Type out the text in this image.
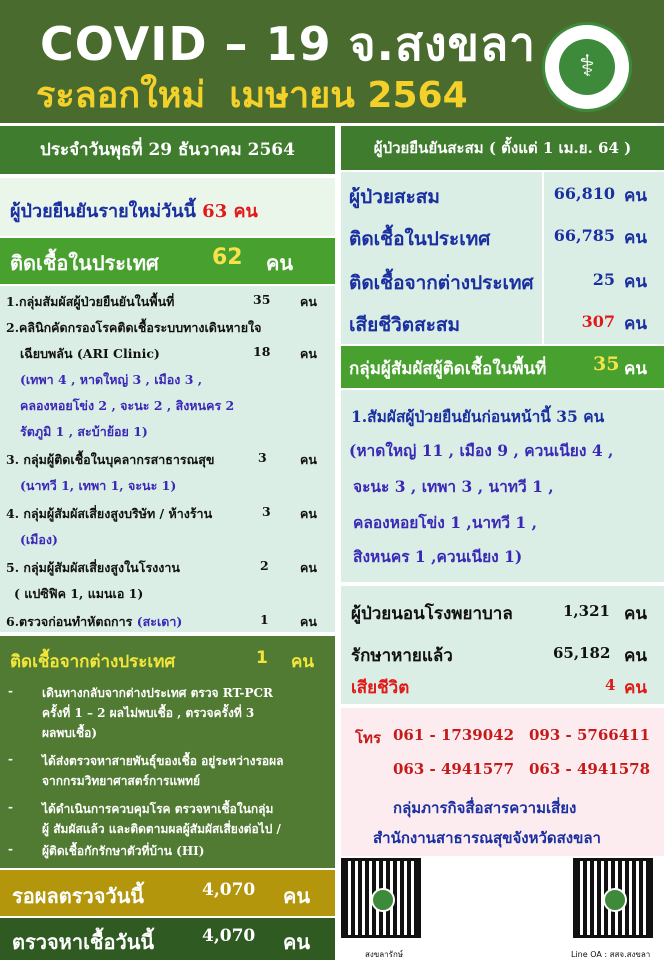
COVID – 19 จ.สงขลา
ระลอกใหม่ เมษายน 2564
⚕
ประจำวันพุธที่ 29 ธันวาคม 2564
ผู้ป่วยยืนยันรายใหม่วันนี้ 63 คน
ติดเชื้อในประเทศ 62 คน
1.กลุ่มสัมผัสผู้ป่วยยืนยันในพื้นที่	35 คน
2.คลินิกคัดกรองโรคติดเชื้อระบบทางเดินหายใจ
เฉียบพลัน (ARI Clinic)	18 คน
(เทพา 4 , หาดใหญ่ 3 , เมือง 3 ,
คลองหอยโข่ง 2 , จะนะ 2 , สิงหนคร 2
รัตภูมิ 1 , สะบ้าย้อย 1)
3. กลุ่มผู้ติดเชื้อในบุคลากรสาธารณสุข	3	คน
(นาทวี 1, เทพา 1, จะนะ 1)
4. กลุ่มผู้สัมผัสเสี่ยงสูงบริษัท / ห้างร้าน	3 คน
(เมือง)
5. กลุ่มผู้สัมผัสเสี่ยงสูงในโรงงาน	2	คน
( แปซิฟิค 1, แมนเอ 1)
6.ตรวจก่อนทำหัตถการ (สะเดา)	1	คน
ติดเชื้อจากต่างประเทศ	1 คน
- เดินทางกลับจากต่างประเทศ ตรวจ RT-PCR
ครั้งที่ 1 – 2 ผลไม่พบเชื้อ , ตรวจครั้งที่ 3
ผลพบเชื้อ)
- ได้ส่งตรวจหาสายพันธุ์ของเชื้อ อยู่ระหว่างรอผล
จากกรมวิทยาศาสตร์การแพทย์
- ได้ดำเนินการควบคุมโรค ตรวจหาเชื้อในกลุ่ม
ผู้ สัมผัสแล้ว และติดตามผลผู้สัมผัสเสี่ยงต่อไป /
- ผู้ติดเชื้อกักรักษาตัวที่บ้าน (HI)
รอผลตรวจวันนี้	4,070 คน
ตรวจหาเชื้อวันนี้	4,070 คน
ผู้ป่วยยืนยันสะสม ( ตั้งแต่ 1 เม.ย. 64 )
ผู้ป่วยสะสม	66,810 คน
ติดเชื้อในประเทศ	66,785 คน
ติดเชื้อจากต่างประเทศ	25 คน
เสียชีวิตสะสม	307 คน
กลุ่มผู้สัมผัสผู้ติดเชื้อในพื้นที่ 35 คน
1.สัมผัสผู้ป่วยยืนยันก่อนหน้านี้ 35 คน
(หาดใหญ่ 11 , เมือง 9 , ควนเนียง 4 ,
จะนะ 3 , เทพา 3 , นาทวี 1 ,
คลองหอยโข่ง 1 ,นาทวี 1 ,
สิงหนคร 1 ,ควนเนียง 1)
ผู้ป่วยนอนโรงพยาบาล	1,321 คน
รักษาหายแล้ว	65,182 คน
เสียชีวิต	4 คน
โทร 061 - 1739042 093 - 5766411
063 - 4941577 063 - 4941578
กลุ่มภารกิจสื่อสารความเสี่ยง
สำนักงานสาธารณสุขจังหวัดสงขลา
สงขลารักษ์	Line OA : สสจ.สงขลา
